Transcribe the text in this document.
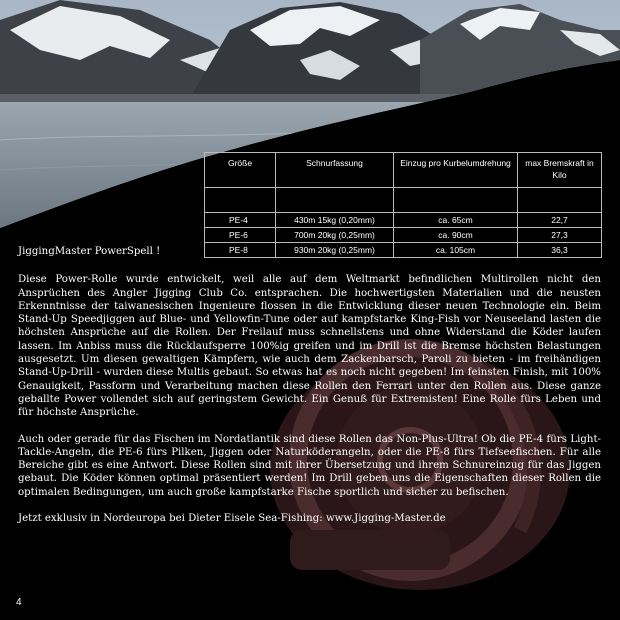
Größe	Schnurfassung	Einzug pro Kurbelumdrehung	max Bremskraft in Kilo

PE-4	430m 15kg (0,20mm)	ca. 65cm	22,7
PE-6	700m 20kg (0,25mm)	ca. 90cm	27,3
PE-8	930m 20kg (0,25mm)	ca. 105cm	36,3

JiggingMaster PowerSpell !

Diese Power-Rolle wurde entwickelt, weil alle auf dem Weltmarkt befindlichen Multirollen nicht den Ansprüchen des Angler Jigging Club Co. entsprachen. Die hochwertigsten Materialien und die neusten Erkenntnisse der taiwanesischen Ingenieure flossen in die Entwicklung dieser neuen Technologie ein. Beim Stand-Up Speedjiggen auf Blue- und Yellowfin-Tune oder auf kampfstarke King-Fish vor Neuseeland lasten die höchsten Ansprüche auf die Rollen. Der Freilauf muss schnellstens und ohne Widerstand die Köder laufen lassen. Im Anbiss muss die Rücklaufsperre 100%ig greifen und im Drill ist die Bremse höchsten Belastungen ausgesetzt. Um diesen gewaltigen Kämpfern, wie auch dem Zackenbarsch, Paroli zu bieten - im freihändigen Stand-Up-Drill - wurden diese Multis gebaut. So etwas hat es noch nicht gegeben! Im feinsten Finish, mit 100% Genauigkeit, Passform und Verarbeitung machen diese Rollen den Ferrari unter den Rollen aus. Diese ganze geballte Power vollendet sich auf geringstem Gewicht. Ein Genuß für Extremisten! Eine Rolle fürs Leben und für höchste Ansprüche.

Auch oder gerade für das Fischen im Nordatlantik sind diese Rollen das Non-Plus-Ultra! Ob die PE-4 fürs Light-Tackle-Angeln, die PE-6 fürs Pilken, Jiggen oder Naturköderangeln, oder die PE-8 fürs Tiefseefischen. Für alle Bereiche gibt es eine Antwort. Diese Rollen sind mit ihrer Übersetzung und ihrem Schnureinzug für das Jiggen gebaut. Die Köder können optimal präsentiert werden! Im Drill geben uns die Eigenschaften dieser Rollen die optimalen Bedingungen, um auch große kampfstarke Fische sportlich und sicher zu befischen.

Jetzt exklusiv in Nordeuropa bei Dieter Eisele Sea-Fishing: www.Jigging-Master.de

4
